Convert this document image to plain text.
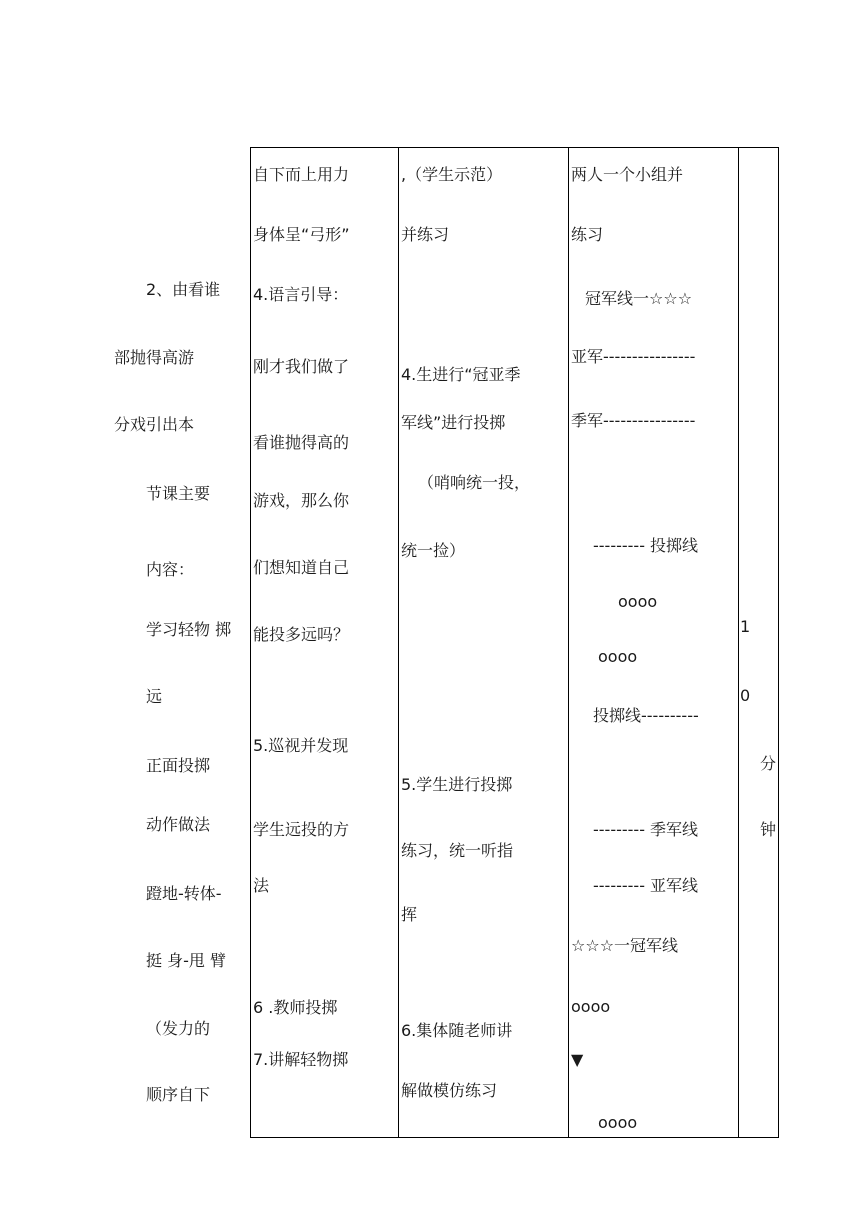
2、由看谁
部抛得高游
分戏引出本
节课主要
内容：
学习轻物 掷
远
正面投掷
动作做法
蹬地-转体-
挺 身-甩 臂
（发力的
顺序自下
自下而上用力
身体呈“弓形”
4.语言引导：
刚才我们做了
看谁抛得高的
游戏，那么你
们想知道自己
能投多远吗？
5.巡视并发现
学生远投的方
法
6 .教师投掷
7.讲解轻物掷
,（学生示范）
并练习
4.生进行“冠亚季
军线”进行投掷
（哨响统一投，
统一捡）
5.学生进行投掷
练习，统一听指
挥
6.集体随老师讲
解做模仿练习
两人一个小组并
练习
冠军线一☆☆☆
亚军----------------
季军----------------
--------- 投掷线
oooo
oooo
投掷线----------
--------- 季军线
--------- 亚军线
☆☆☆一冠军线
oooo
▼
oooo
1
0
分
钟
